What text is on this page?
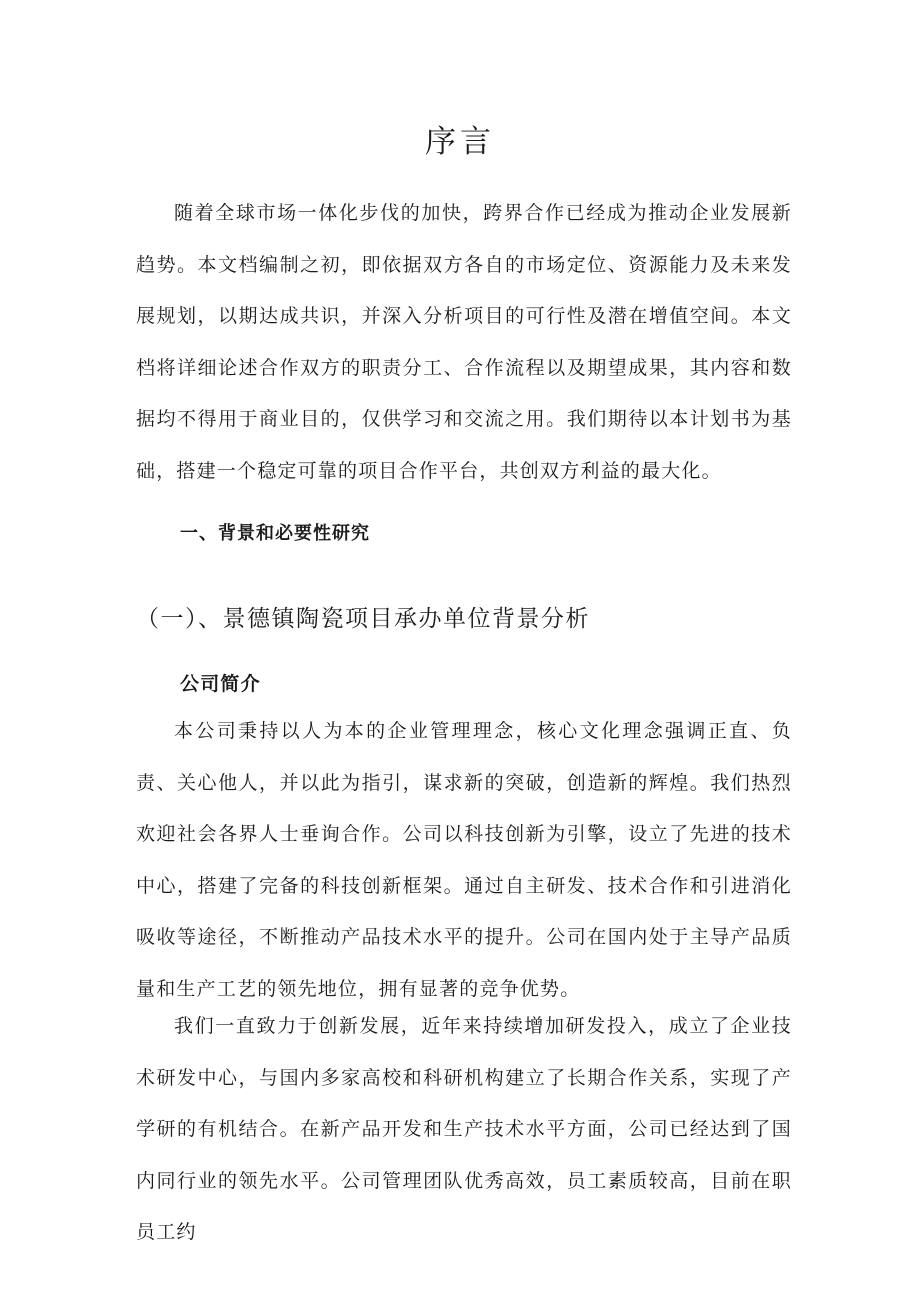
序言

随着全球市场一体化步伐的加快，跨界合作已经成为推动企业发展新趋势。本文档编制之初，即依据双方各自的市场定位、资源能力及未来发展规划，以期达成共识，并深入分析项目的可行性及潜在增值空间。本文档将详细论述合作双方的职责分工、合作流程以及期望成果，其内容和数据均不得用于商业目的，仅供学习和交流之用。我们期待以本计划书为基础，搭建一个稳定可靠的项目合作平台，共创双方利益的最大化。

一、背景和必要性研究
（一）、景德镇陶瓷项目承办单位背景分析
公司简介

本公司秉持以人为本的企业管理理念，核心文化理念强调正直、负责、关心他人，并以此为指引，谋求新的突破，创造新的辉煌。我们热烈欢迎社会各界人士垂询合作。公司以科技创新为引擎，设立了先进的技术中心，搭建了完备的科技创新框架。通过自主研发、技术合作和引进消化吸收等途径，不断推动产品技术水平的提升。公司在国内处于主导产品质量和生产工艺的领先地位，拥有显著的竞争优势。

我们一直致力于创新发展，近年来持续增加研发投入，成立了企业技术研发中心，与国内多家高校和科研机构建立了长期合作关系，实现了产学研的有机结合。在新产品开发和生产技术水平方面，公司已经达到了国内同行业的领先水平。公司管理团队优秀高效，员工素质较高，目前在职员工约
